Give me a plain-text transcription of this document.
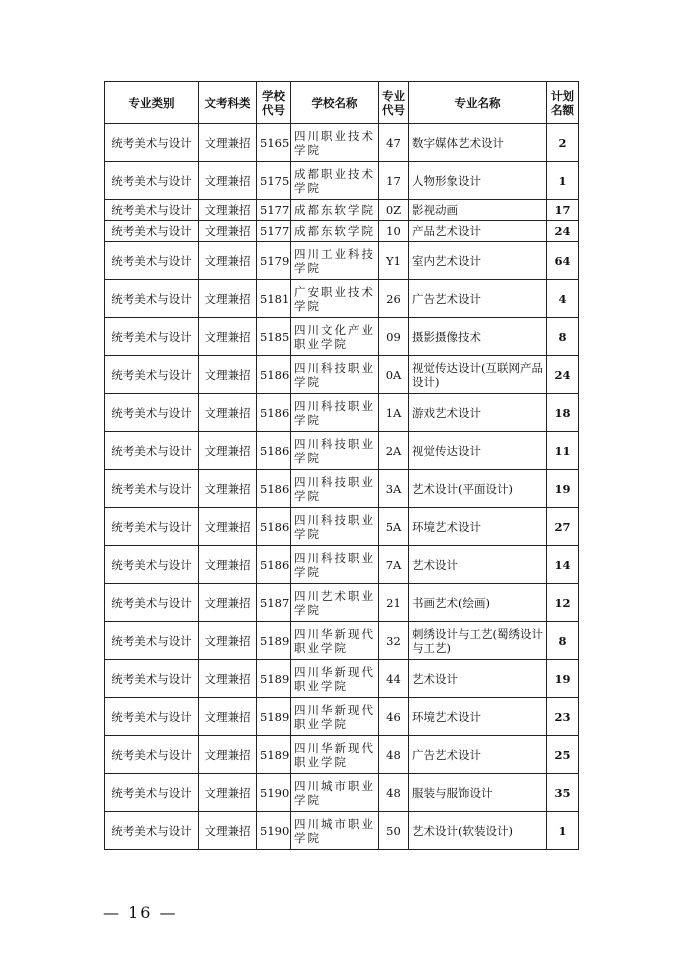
专业类别	文考科类	学校代号	学校名称	专业代号	专业名称	计划名额
统考美术与设计	文理兼招	5165	四川职业技术学院	47	数字媒体艺术设计	2
统考美术与设计	文理兼招	5175	成都职业技术学院	17	人物形象设计	1
统考美术与设计	文理兼招	5177	成都东软学院	0Z	影视动画	17
统考美术与设计	文理兼招	5177	成都东软学院	10	产品艺术设计	24
统考美术与设计	文理兼招	5179	四川工业科技学院	Y1	室内艺术设计	64
统考美术与设计	文理兼招	5181	广安职业技术学院	26	广告艺术设计	4
统考美术与设计	文理兼招	5185	四川文化产业职业学院	09	摄影摄像技术	8
统考美术与设计	文理兼招	5186	四川科技职业学院	0A	视觉传达设计(互联网产品设计)	24
统考美术与设计	文理兼招	5186	四川科技职业学院	1A	游戏艺术设计	18
统考美术与设计	文理兼招	5186	四川科技职业学院	2A	视觉传达设计	11
统考美术与设计	文理兼招	5186	四川科技职业学院	3A	艺术设计(平面设计)	19
统考美术与设计	文理兼招	5186	四川科技职业学院	5A	环境艺术设计	27
统考美术与设计	文理兼招	5186	四川科技职业学院	7A	艺术设计	14
统考美术与设计	文理兼招	5187	四川艺术职业学院	21	书画艺术(绘画)	12
统考美术与设计	文理兼招	5189	四川华新现代职业学院	32	刺绣设计与工艺(蜀绣设计与工艺)	8
统考美术与设计	文理兼招	5189	四川华新现代职业学院	44	艺术设计	19
统考美术与设计	文理兼招	5189	四川华新现代职业学院	46	环境艺术设计	23
统考美术与设计	文理兼招	5189	四川华新现代职业学院	48	广告艺术设计	25
统考美术与设计	文理兼招	5190	四川城市职业学院	48	服装与服饰设计	35
统考美术与设计	文理兼招	5190	四川城市职业学院	50	艺术设计(软装设计)	1
— 16 —
